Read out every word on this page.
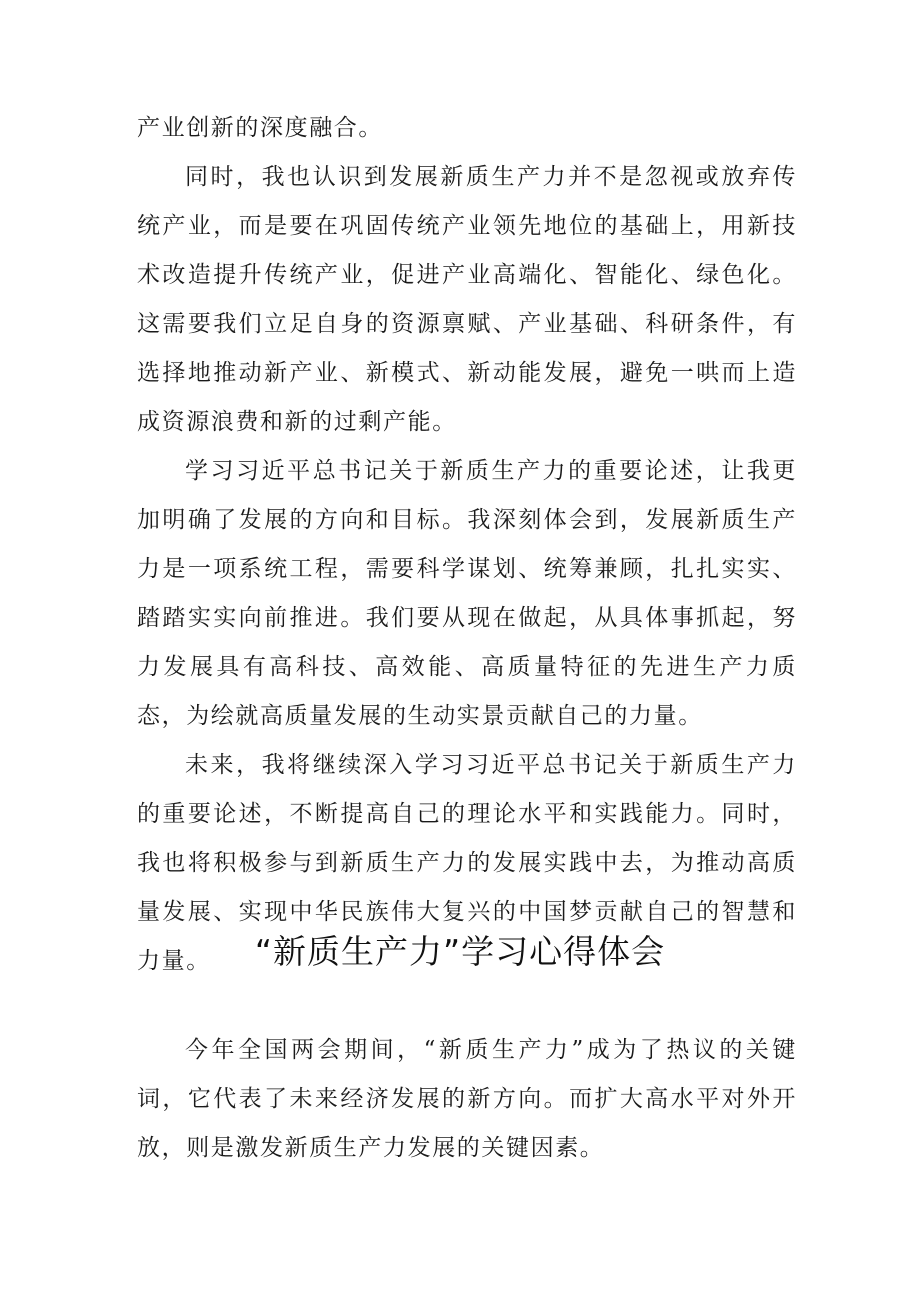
产业创新的深度融合。

同时，我也认识到发展新质生产力并不是忽视或放弃传统产业，而是要在巩固传统产业领先地位的基础上，用新技术改造提升传统产业，促进产业高端化、智能化、绿色化。这需要我们立足自身的资源禀赋、产业基础、科研条件，有选择地推动新产业、新模式、新动能发展，避免一哄而上造成资源浪费和新的过剩产能。

学习习近平总书记关于新质生产力的重要论述，让我更加明确了发展的方向和目标。我深刻体会到，发展新质生产力是一项系统工程，需要科学谋划、统筹兼顾，扎扎实实、踏踏实实向前推进。我们要从现在做起，从具体事抓起，努力发展具有高科技、高效能、高质量特征的先进生产力质态，为绘就高质量发展的生动实景贡献自己的力量。

未来，我将继续深入学习习近平总书记关于新质生产力的重要论述，不断提高自己的理论水平和实践能力。同时，我也将积极参与到新质生产力的发展实践中去，为推动高质量发展、实现中华民族伟大复兴的中国梦贡献自己的智慧和力量。	“新质生产力”学习心得体会

今年全国两会期间，“新质生产力”成为了热议的关键词，它代表了未来经济发展的新方向。而扩大高水平对外开放，则是激发新质生产力发展的关键因素。
